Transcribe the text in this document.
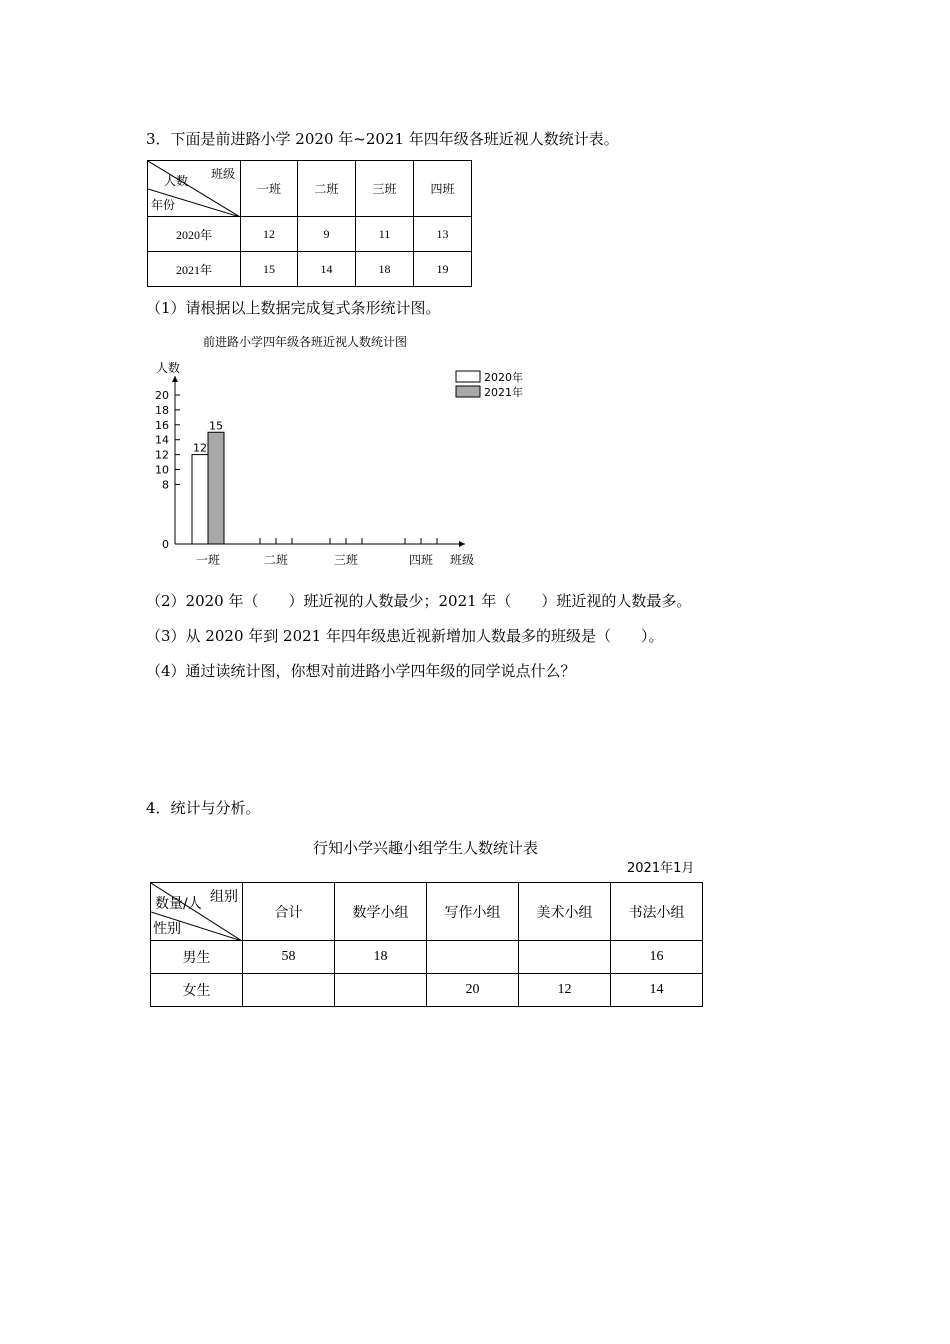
3．下面是前进路小学 2020 年~2021 年四年级各班近视人数统计表。
班级
人数
年份	一班	二班	三班	四班
2020年	12	9	11	13
2021年	15	14	18	19
（1）请根据以上数据完成复式条形统计图。
前进路小学四年级各班近视人数统计图
人数
班级
0
8
10
12
14
16
18
20
一班	二班	三班	四班
12
15
2020年
2021年
（2）2020 年（　　）班近视的人数最少；2021 年（　　）班近视的人数最多。
（3）从 2020 年到 2021 年四年级患近视新增加人数最多的班级是（　　）。
（4）通过读统计图，你想对前进路小学四年级的同学说点什么？
4．统计与分析。
行知小学兴趣小组学生人数统计表
2021年1月
组别
数量/人
性别	合计	数学小组	写作小组	美术小组	书法小组
男生	58	18			16
女生			20	12	14
